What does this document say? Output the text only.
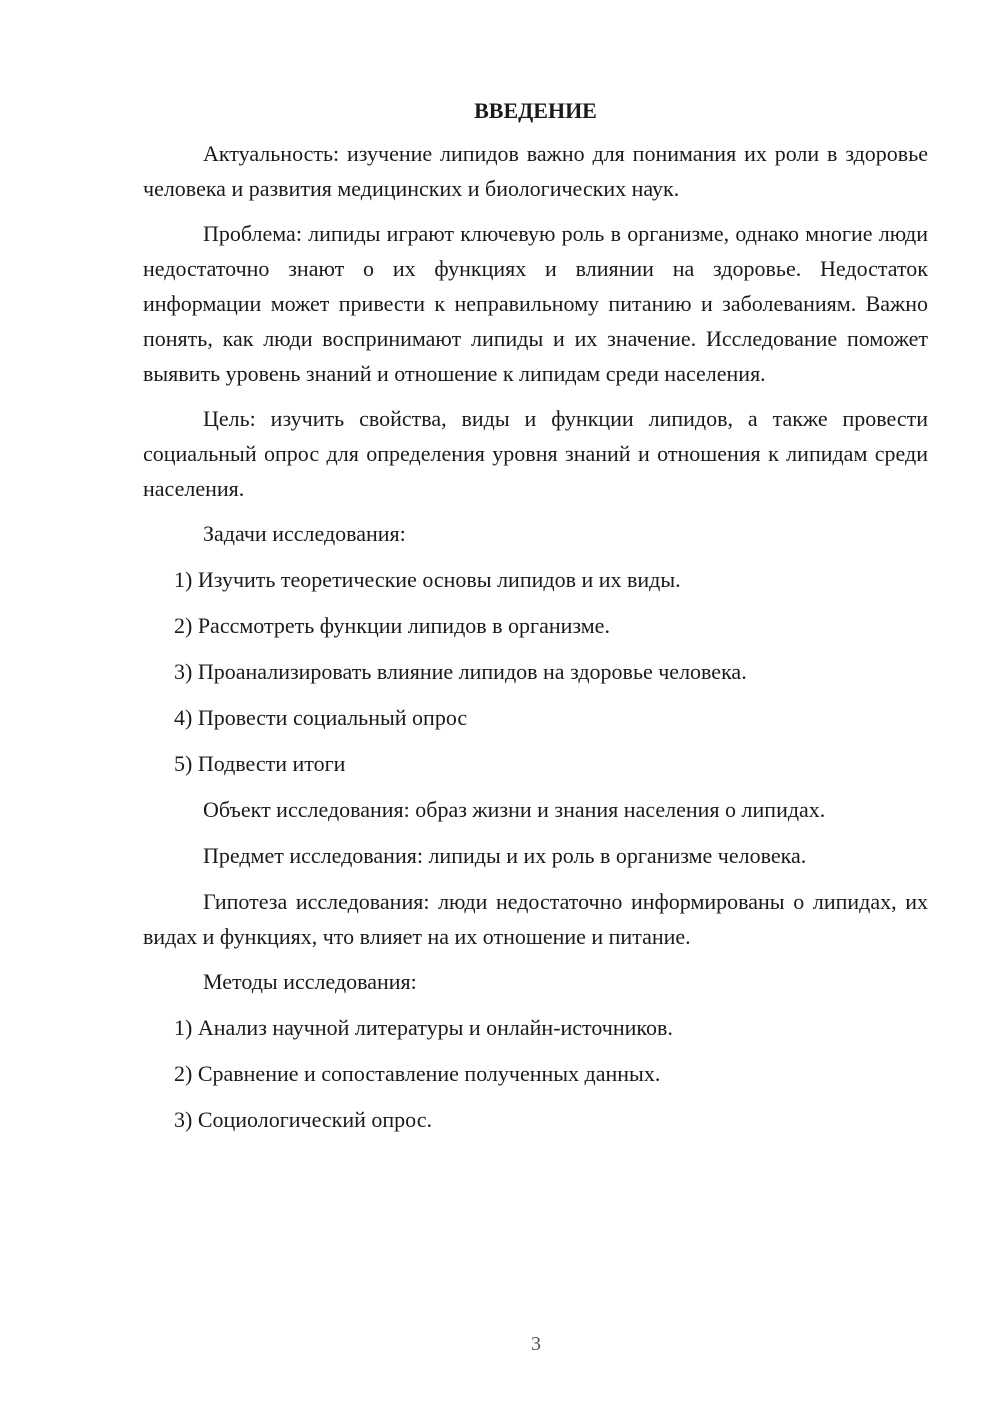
ВВЕДЕНИЕ

Актуальность: изучение липидов важно для понимания их роли в здоровье человека и развития медицинских и биологических наук.

Проблема: липиды играют ключевую роль в организме, однако многие люди недостаточно знают о их функциях и влиянии на здоровье. Недостаток информации может привести к неправильному питанию и заболеваниям. Важно понять, как люди воспринимают липиды и их значение. Исследование поможет выявить уровень знаний и отношение к липидам среди населения.

Цель: изучить свойства, виды и функции липидов, а также провести социальный опрос для определения уровня знаний и отношения к липидам среди населения.

Задачи исследования:
1) Изучить теоретические основы липидов и их виды.
2) Рассмотреть функции липидов в организме.
3) Проанализировать влияние липидов на здоровье человека.
4) Провести социальный опрос
5) Подвести итоги
Объект исследования: образ жизни и знания населения о липидах.
Предмет исследования: липиды и их роль в организме человека.

Гипотеза исследования: люди недостаточно информированы о липидах, их видах и функциях, что влияет на их отношение и питание.

Методы исследования:
1) Анализ научной литературы и онлайн-источников.
2) Сравнение и сопоставление полученных данных.
3) Социологический опрос.
3
